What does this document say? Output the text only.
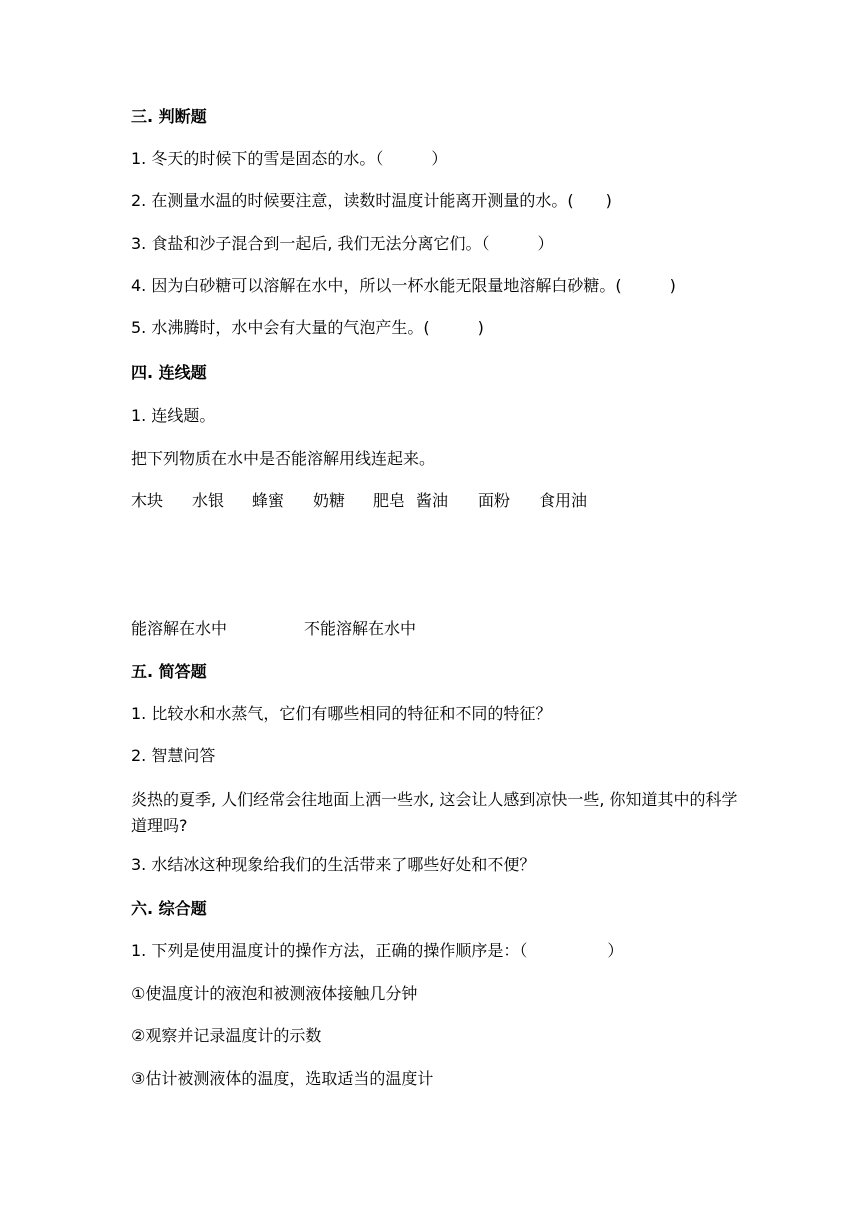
三. 判断题
1. 冬天的时候下的雪是固态的水。（　　　）
2. 在测量水温的时候要注意，读数时温度计能离开测量的水。(　　)
3. 食盐和沙子混合到一起后, 我们无法分离它们。（　　　）
4. 因为白砂糖可以溶解在水中，所以一杯水能无限量地溶解白砂糖。(　　　)
5. 水沸腾时，水中会有大量的气泡产生。(　　　)
四. 连线题
1. 连线题。
把下列物质在水中是否能溶解用线连起来。
木块 水银 蜂蜜 奶糖 肥皂 酱油 面粉 食用油
能溶解在水中	不能溶解在水中
五. 简答题
1. 比较水和水蒸气，它们有哪些相同的特征和不同的特征？
2. 智慧问答
炎热的夏季, 人们经常会往地面上洒一些水, 这会让人感到凉快一些, 你知道其中的科学道理吗?
3. 水结冰这种现象给我们的生活带来了哪些好处和不便？
六. 综合题
1. 下列是使用温度计的操作方法，正确的操作顺序是：（　　　　　）
①使温度计的液泡和被测液体接触几分钟
②观察并记录温度计的示数
③估计被测液体的温度，选取适当的温度计
